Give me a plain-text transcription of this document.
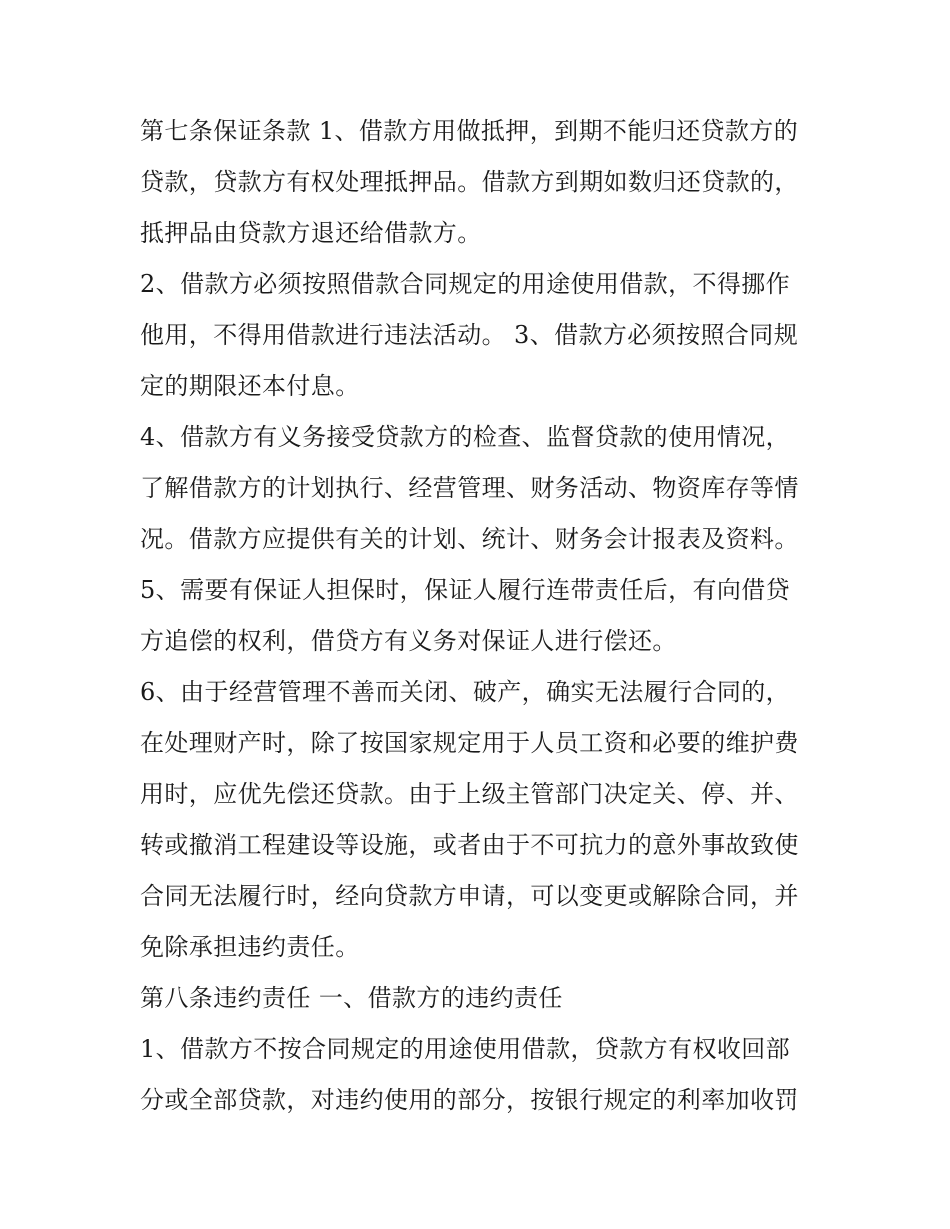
第七条保证条款 1、借款方用做抵押，到期不能归还贷款方的
贷款，贷款方有权处理抵押品。借款方到期如数归还贷款的，
抵押品由贷款方退还给借款方。
2、借款方必须按照借款合同规定的用途使用借款，不得挪作
他用，不得用借款进行违法活动。 3、借款方必须按照合同规
定的期限还本付息。
4、借款方有义务接受贷款方的检查、监督贷款的使用情况，
了解借款方的计划执行、经营管理、财务活动、物资库存等情
况。借款方应提供有关的计划、统计、财务会计报表及资料。
5、需要有保证人担保时，保证人履行连带责任后，有向借贷
方追偿的权利，借贷方有义务对保证人进行偿还。
6、由于经营管理不善而关闭、破产，确实无法履行合同的，
在处理财产时，除了按国家规定用于人员工资和必要的维护费
用时，应优先偿还贷款。由于上级主管部门决定关、停、并、
转或撤消工程建设等设施，或者由于不可抗力的意外事故致使
合同无法履行时，经向贷款方申请，可以变更或解除合同，并
免除承担违约责任。
第八条违约责任 一、借款方的违约责任
1、借款方不按合同规定的用途使用借款，贷款方有权收回部
分或全部贷款，对违约使用的部分，按银行规定的利率加收罚
